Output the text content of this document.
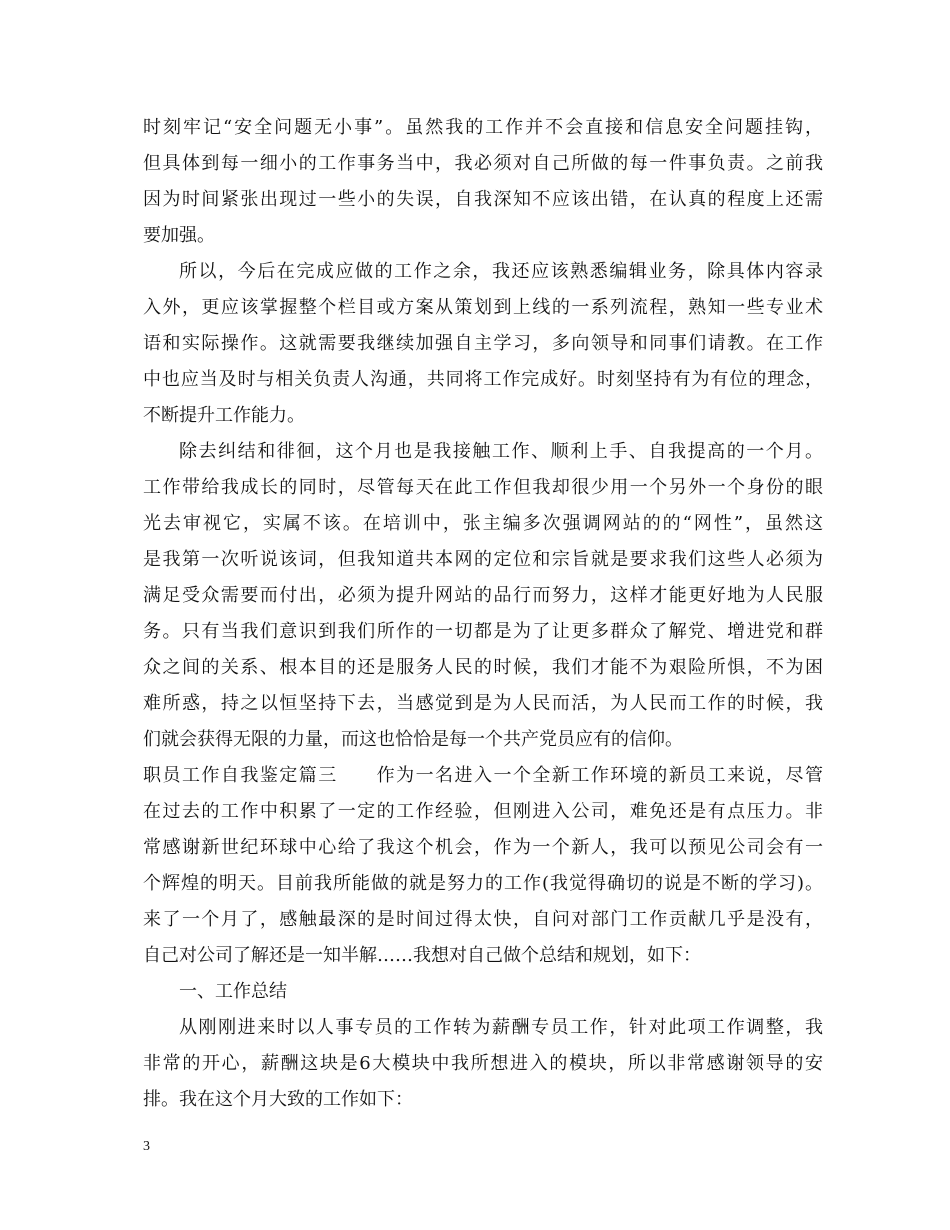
时刻牢记“安全问题无小事”。虽然我的工作并不会直接和信息安全问题挂钩，
但具体到每一细小的工作事务当中，我必须对自己所做的每一件事负责。之前我
因为时间紧张出现过一些小的失误，自我深知不应该出错，在认真的程度上还需
要加强。
所以，今后在完成应做的工作之余，我还应该熟悉编辑业务，除具体内容录
入外，更应该掌握整个栏目或方案从策划到上线的一系列流程，熟知一些专业术
语和实际操作。这就需要我继续加强自主学习，多向领导和同事们请教。在工作
中也应当及时与相关负责人沟通，共同将工作完成好。时刻坚持有为有位的理念，
不断提升工作能力。
除去纠结和徘徊，这个月也是我接触工作、顺利上手、自我提高的一个月。
工作带给我成长的同时，尽管每天在此工作但我却很少用一个另外一个身份的眼
光去审视它，实属不该。在培训中，张主编多次强调网站的的“网性”，虽然这
是我第一次听说该词，但我知道共本网的定位和宗旨就是要求我们这些人必须为
满足受众需要而付出，必须为提升网站的品行而努力，这样才能更好地为人民服
务。只有当我们意识到我们所作的一切都是为了让更多群众了解党、增进党和群
众之间的关系、根本目的还是服务人民的时候，我们才能不为艰险所惧，不为困
难所惑，持之以恒坚持下去，当感觉到是为人民而活，为人民而工作的时候，我
们就会获得无限的力量，而这也恰恰是每一个共产党员应有的信仰。
职员工作自我鉴定篇三　　作为一名进入一个全新工作环境的新员工来说，尽管
在过去的工作中积累了一定的工作经验，但刚进入公司，难免还是有点压力。非
常感谢新世纪环球中心给了我这个机会，作为一个新人，我可以预见公司会有一
个辉煌的明天。目前我所能做的就是努力的工作(我觉得确切的说是不断的学习)。
来了一个月了，感触最深的是时间过得太快，自问对部门工作贡献几乎是没有，
自己对公司了解还是一知半解……我想对自己做个总结和规划，如下：
一、工作总结
从刚刚进来时以人事专员的工作转为薪酬专员工作，针对此项工作调整，我
非常的开心，薪酬这块是6大模块中我所想进入的模块，所以非常感谢领导的安
排。我在这个月大致的工作如下：
3
